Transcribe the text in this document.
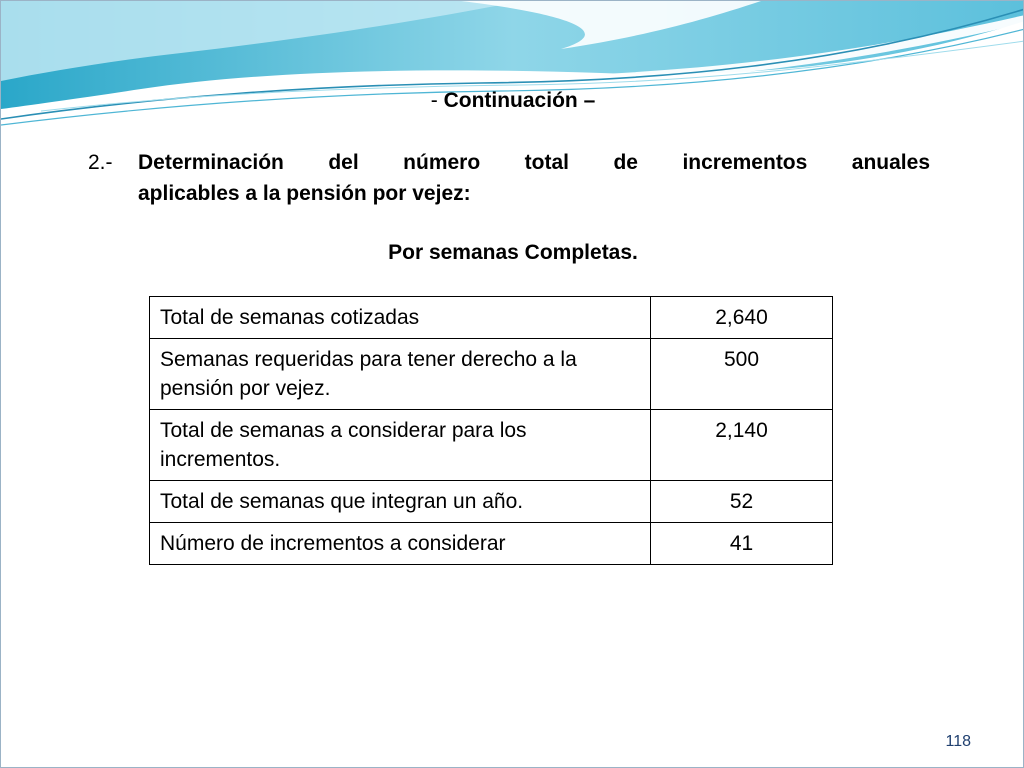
- Continuación –
2.- Determinación del número total de incrementos anuales
aplicables a la pensión por vejez:
Por semanas Completas.
Total de semanas cotizadas	2,640
Semanas requeridas para tener derecho a la pensión por vejez.	500
Total de semanas a considerar para los incrementos.	2,140
Total de semanas que integran un año.	52
Número de incrementos a considerar	41
118
